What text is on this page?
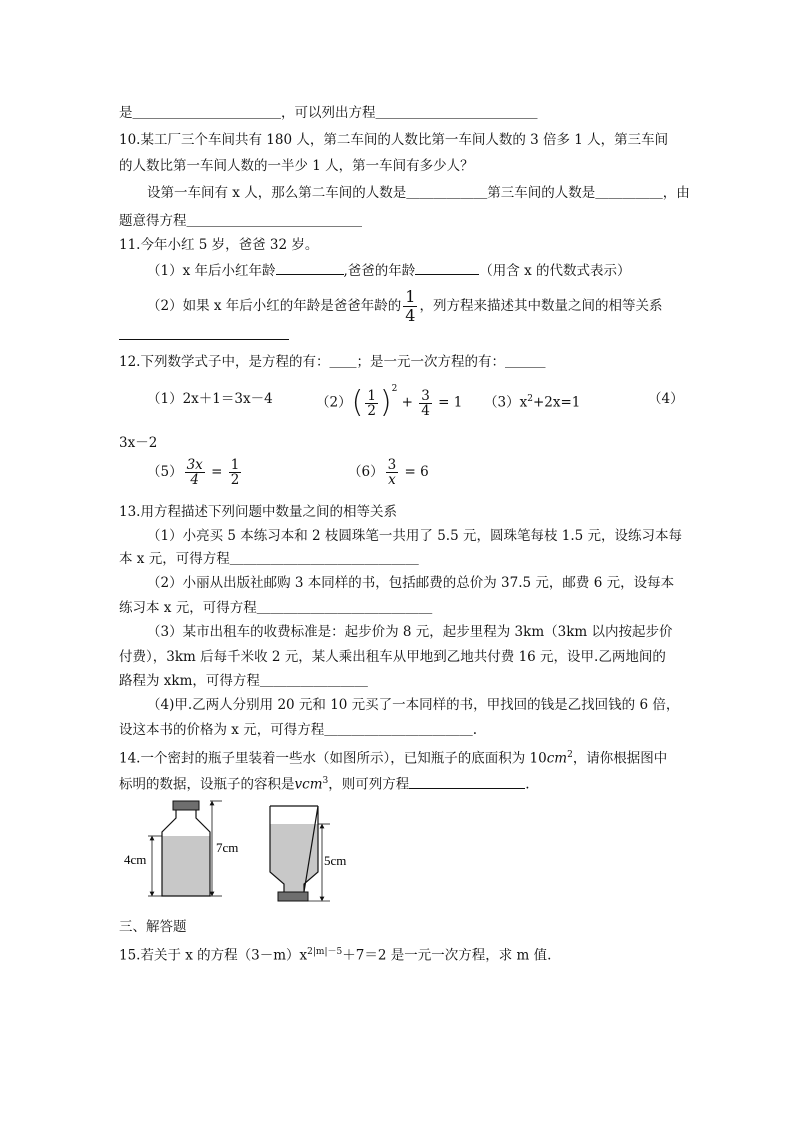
是＿＿＿＿＿＿＿＿＿＿＿，可以列出方程＿＿＿＿＿＿＿＿＿＿＿＿
10.某工厂三个车间共有 180 人，第二车间的人数比第一车间人数的 3 倍多 1 人，第三车间
的人数比第一车间人数的一半少 1 人，第一车间有多少人？
设第一车间有 x 人，那么第二车间的人数是＿＿＿＿＿＿第三车间的人数是＿＿＿＿＿，由
题意得方程＿＿＿＿＿＿＿＿＿＿＿＿＿
11.今年小红 5 岁，爸爸 32 岁。
（1）x 年后小红年龄	,爸爸的年龄	（用含 x 的代数式表示）
（2）如果 x 年后小红的年龄是爸爸年龄的 $\frac{1}{4}$ ，列方程来描述其中数量之间的相等关系
12.下列数学式子中，是方程的有：＿＿；是一元一次方程的有：＿＿＿
（1）2x＋1＝3x－4	$(2)( \frac{1}{2} )^2 + \frac{3}{4} = 1$ $(3)x^2+2x=1$	（4）
3x－2
$(5) \frac{3x}{4} = \frac{1}{2}$	$(6) \frac{3}{x} = 6$
13.用方程描述下列问题中数量之间的相等关系
（1）小亮买 5 本练习本和 2 枝圆珠笔一共用了 5.5 元，圆珠笔每枝 1.5 元，设练习本每
本 x 元，可得方程＿＿＿＿＿＿＿＿＿＿＿＿＿＿
（2）小丽从出版社邮购 3 本同样的书，包括邮费的总价为 37.5 元，邮费 6 元，设每本
练习本 x 元，可得方程＿＿＿＿＿＿＿＿＿＿＿＿＿
（3）某市出租车的收费标准是：起步价为 8 元，起步里程为 3km（3km 以内按起步价
付费），3km 后每千米收 2 元，某人乘出租车从甲地到乙地共付费 16 元，设甲.乙两地间的
路程为 xkm，可得方程＿＿＿＿＿＿＿＿
（4)甲.乙两人分别用 20 元和 10 元买了一本同样的书，甲找回的钱是乙找回钱的 6 倍，
设这本书的价格为 x 元，可得方程＿＿＿＿＿＿＿＿＿＿＿.
14.一个密封的瓶子里装着一些水（如图所示），已知瓶子的底面积为 $10cm^2$，请你根据图中
标明的数据，设瓶子的容积是vcm$^3$，则可列方程	.
4cm
7cm
5cm
三、解答题
15.若关于 x 的方程$(3-m)x^{2|m|-5}+7=2$ 是一元一次方程，求 m 值.
